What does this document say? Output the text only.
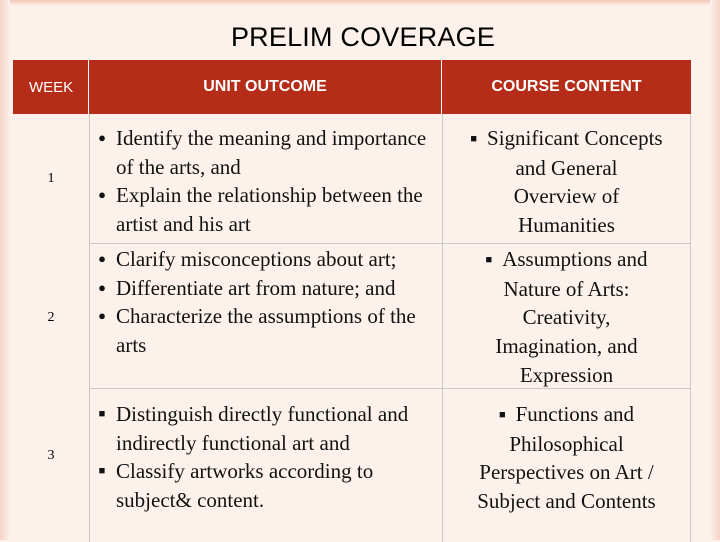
PRELIM COVERAGE
WEEK	UNIT OUTCOME	COURSE CONTENT
1
● Identify the meaning and importance of the arts, and
● Explain the relationship between the artist and his art
■ Significant Concepts
and General
Overview of
Humanities
2
● Clarify misconceptions about art;
● Differentiate art from nature; and
● Characterize the assumptions of the arts
■ Assumptions and
Nature of Arts:
Creativity,
Imagination, and
Expression
3
■ Distinguish directly functional and indirectly functional art and
■ Classify artworks according to subject& content.
■ Functions and
Philosophical
Perspectives on Art /
Subject and Contents
